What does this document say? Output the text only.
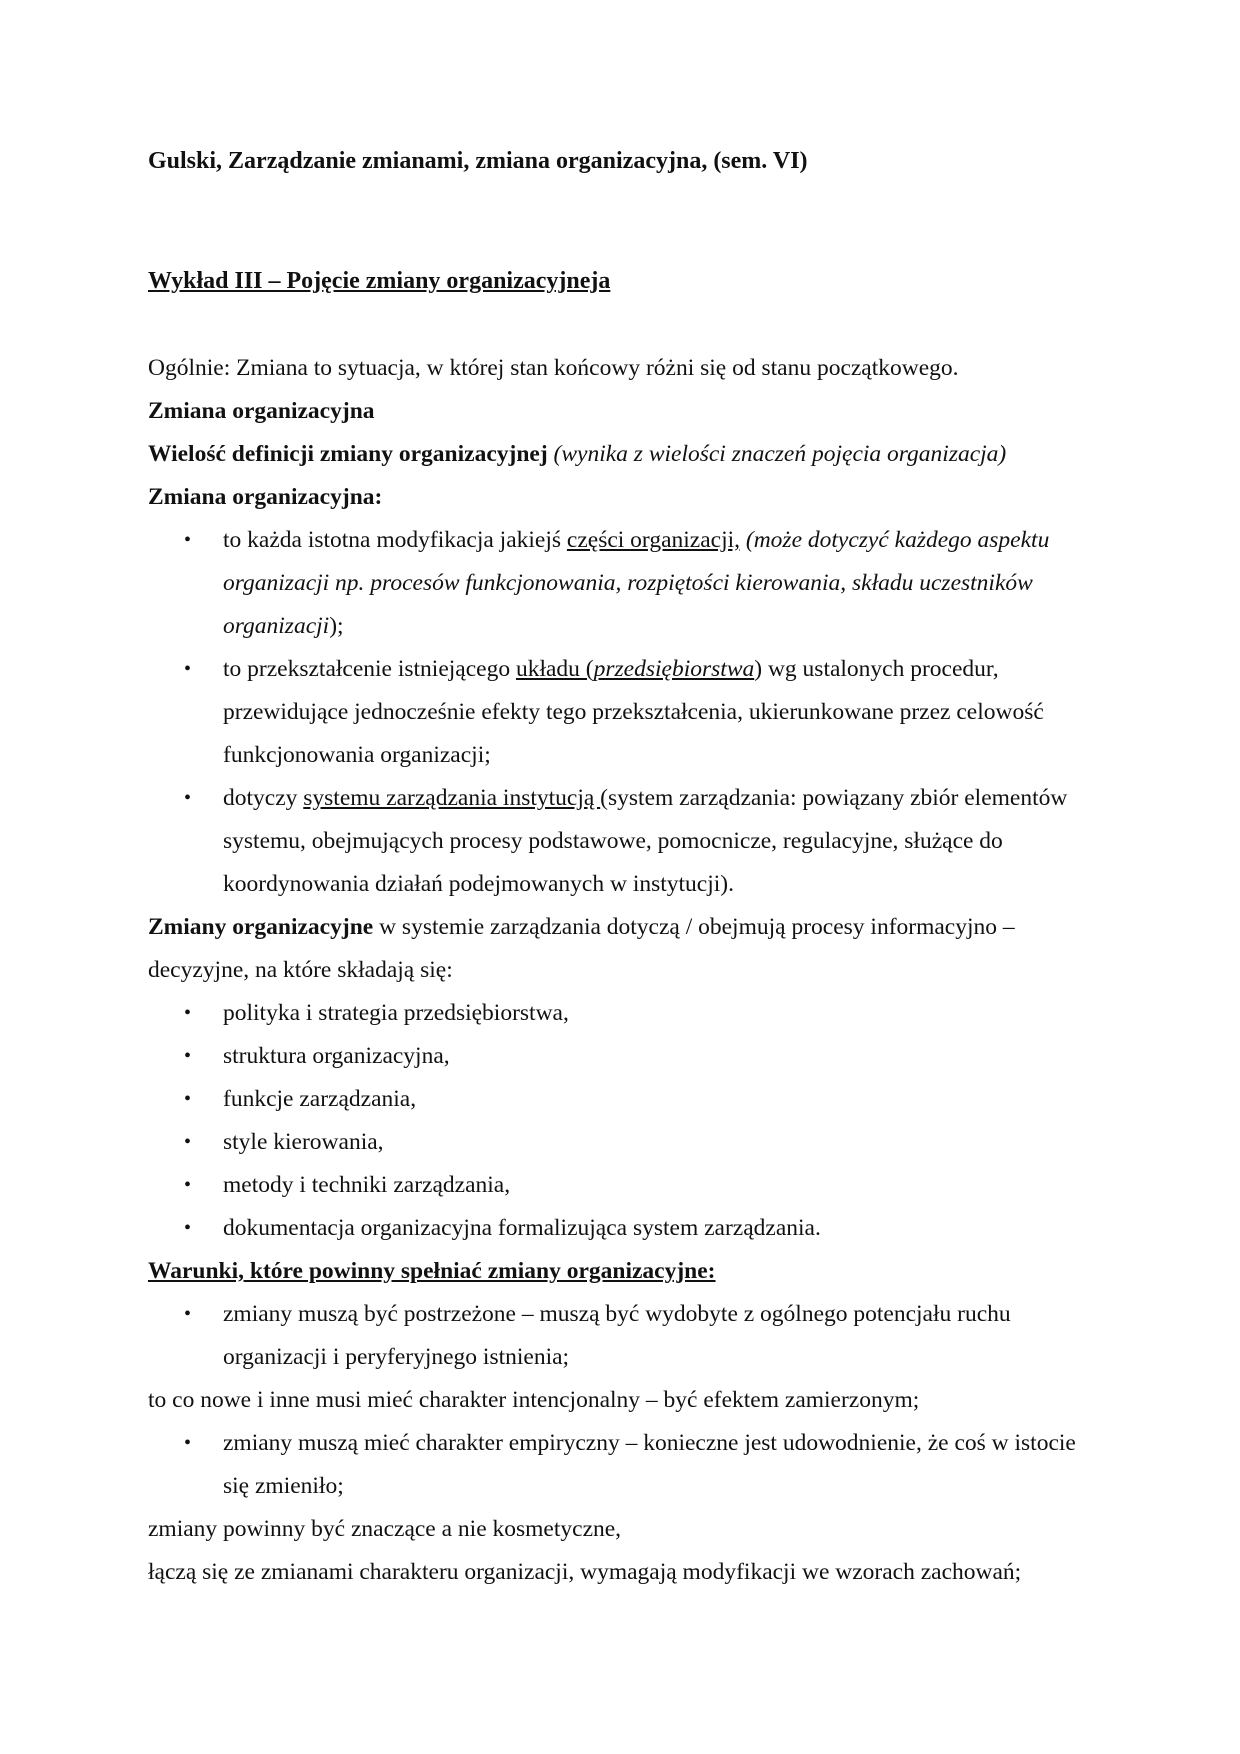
Gulski, Zarządzanie zmianami, zmiana organizacyjna, (sem. VI)
Wykład III – Pojęcie zmiany organizacyjneja

Ogólnie: Zmiana to sytuacja, w której stan końcowy różni się od stanu początkowego.

Zmiana organizacyjna

Wielość definicji zmiany organizacyjnej (wynika z wielości znaczeń pojęcia organizacja)

Zmiana organizacyjna:

• to każda istotna modyfikacja jakiejś części organizacji, (może dotyczyć każdego aspektu organizacji np. procesów funkcjonowania, rozpiętości kierowania, składu uczestników organizacji);
• to przekształcenie istniejącego układu (przedsiębiorstwa) wg ustalonych procedur, przewidujące jednocześnie efekty tego przekształcenia, ukierunkowane przez celowość funkcjonowania organizacji;
• dotyczy systemu zarządzania instytucją (system zarządzania: powiązany zbiór elementów systemu, obejmujących procesy podstawowe, pomocnicze, regulacyjne, służące do koordynowania działań podejmowanych w instytucji).

Zmiany organizacyjne w systemie zarządzania dotyczą / obejmują procesy informacyjno –

decyzyjne, na które składają się:

• polityka i strategia przedsiębiorstwa,
• struktura organizacyjna,
• funkcje zarządzania,
• style kierowania,
• metody i techniki zarządzania,
• dokumentacja organizacyjna formalizująca system zarządzania.

Warunki, które powinny spełniać zmiany organizacyjne:

• zmiany muszą być postrzeżone – muszą być wydobyte z ogólnego potencjału ruchu organizacji i peryferyjnego istnienia;

to co nowe i inne musi mieć charakter intencjonalny – być efektem zamierzonym;

• zmiany muszą mieć charakter empiryczny – konieczne jest udowodnienie, że coś w istocie się zmieniło;

zmiany powinny być znaczące a nie kosmetyczne,

łączą się ze zmianami charakteru organizacji, wymagają modyfikacji we wzorach zachowań;
